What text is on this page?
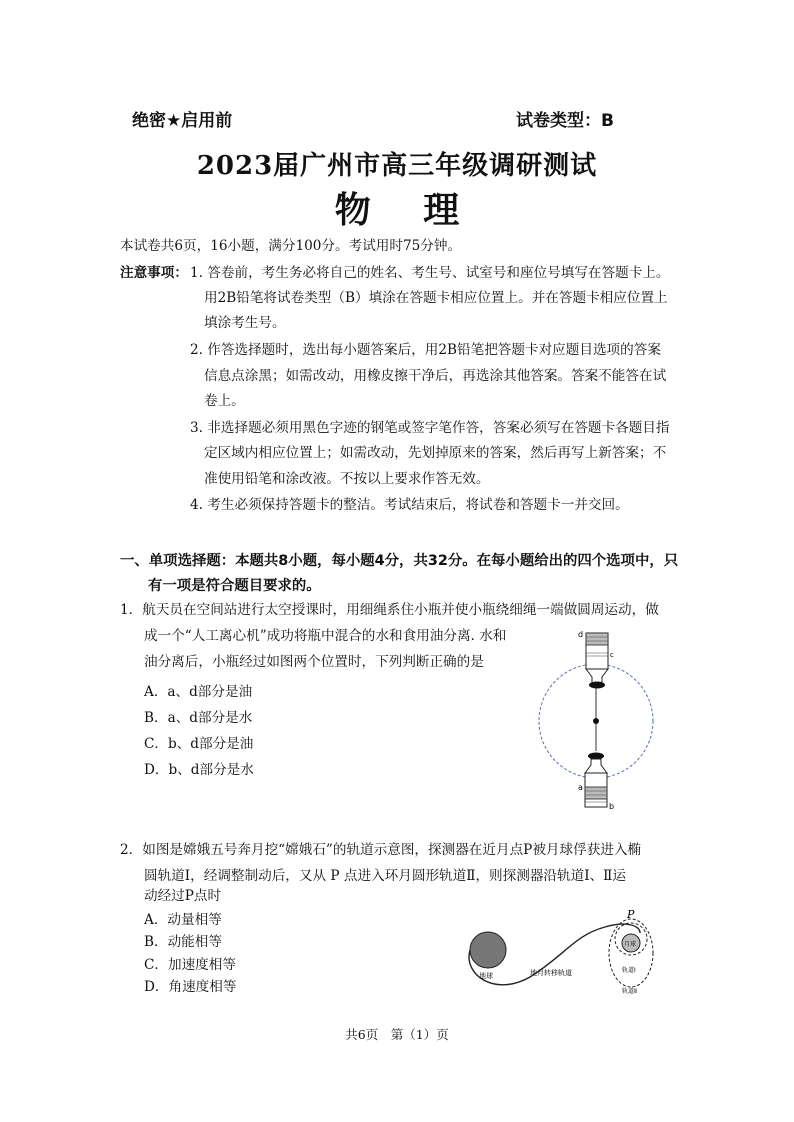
绝密★启用前	试卷类型：B
2023届广州市高三年级调研测试
物 理
本试卷共6页，16小题，满分100分。考试用时75分钟。
注意事项： 1. 答卷前，考生务必将自己的姓名、考生号、试室号和座位号填写在答题卡上。
用2B铅笔将试卷类型（B）填涂在答题卡相应位置上。并在答题卡相应位置上
填涂考生号。
2. 作答选择题时，选出每小题答案后，用2B铅笔把答题卡对应题目选项的答案
信息点涂黑；如需改动，用橡皮擦干净后，再选涂其他答案。答案不能答在试
卷上。
3. 非选择题必须用黑色字迹的钢笔或签字笔作答，答案必须写在答题卡各题目指
定区域内相应位置上；如需改动，先划掉原来的答案，然后再写上新答案；不
准使用铅笔和涂改液。不按以上要求作答无效。
4. 考生必须保持答题卡的整洁。考试结束后，将试卷和答题卡一并交回。
一、单项选择题：本题共8小题，每小题4分，共32分。在每小题给出的四个选项中，只
有一项是符合题目要求的。
1．航天员在空间站进行太空授课时，用细绳系住小瓶并使小瓶绕细绳一端做圆周运动，做
成一个“人工离心机”成功将瓶中混合的水和食用油分离. 水和
油分离后，小瓶经过如图两个位置时，下列判断正确的是
A．a、d部分是油
B．a、d部分是水
C．b、d部分是油
D．b、d部分是水
d
c
a
b
2．如图是嫦娥五号奔月挖“嫦娥石”的轨道示意图，探测器在近月点P被月球俘获进入椭
圆轨道Ⅰ，经调整制动后，又从 P 点进入环月圆形轨道Ⅱ，则探测器沿轨道Ⅰ、Ⅱ运
动经过P点时
A．动量相等
B．动能相等
C．加速度相等
D．角速度相等
P
地球	地月转移轨道
月球
轨道Ⅰ
轨道Ⅱ
共6页　第（1）页
